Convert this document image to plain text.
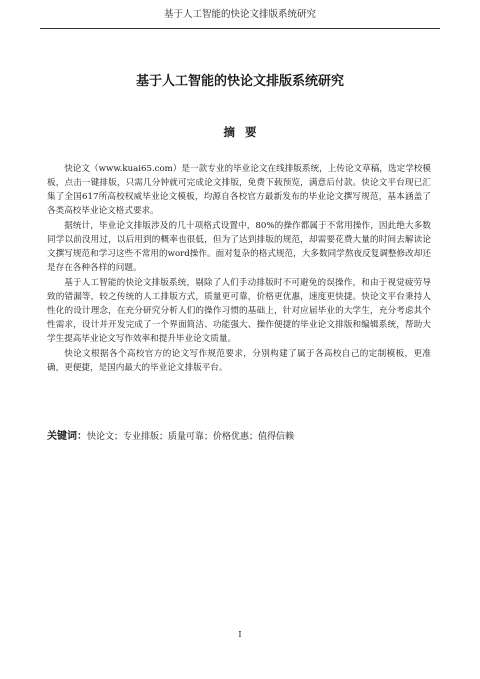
基于人工智能的快论文排版系统研究
基于人工智能的快论文排版系统研究
摘要

快论文（www.kuai65.com）是一款专业的毕业论文在线排版系统，上传论文草稿，选定学校模板，点击一键排版，只需几分钟就可完成论文排版，免费下载预览，满意后付款。快论文平台现已汇集了全国617所高校权威毕业论文模板，均源自各校官方最新发布的毕业论文撰写规范，基本涵盖了各类高校毕业论文格式要求。

据统计，毕业论文排版涉及的几十项格式设置中，80%的操作都属于不常用操作，因此绝大多数同学以前没用过，以后用到的概率也很低，但为了达到排版的规范，却需要花费大量的时间去解读论文撰写规范和学习这些不常用的word操作。面对复杂的格式规范，大多数同学熬夜反复调整修改却还是存在各种各样的问题。

基于人工智能的快论文排版系统，剔除了人们手动排版时不可避免的误操作，和由于视觉疲劳导致的错漏等，较之传统的人工排版方式，质量更可靠，价格更优惠，速度更快捷。快论文平台秉持人性化的设计理念，在充分研究分析人们的操作习惯的基础上，针对应届毕业的大学生，充分考虑其个性需求，设计并开发完成了一个界面简洁、功能强大、操作便捷的毕业论文排版和编辑系统，帮助大学生提高毕业论文写作效率和提升毕业论文质量。

快论文根据各个高校官方的论文写作规范要求，分别构建了属于各高校自己的定制模板，更准确，更便捷，是国内最大的毕业论文排版平台。

关键词：快论文；专业排版；质量可靠；价格优惠；值得信赖
I
